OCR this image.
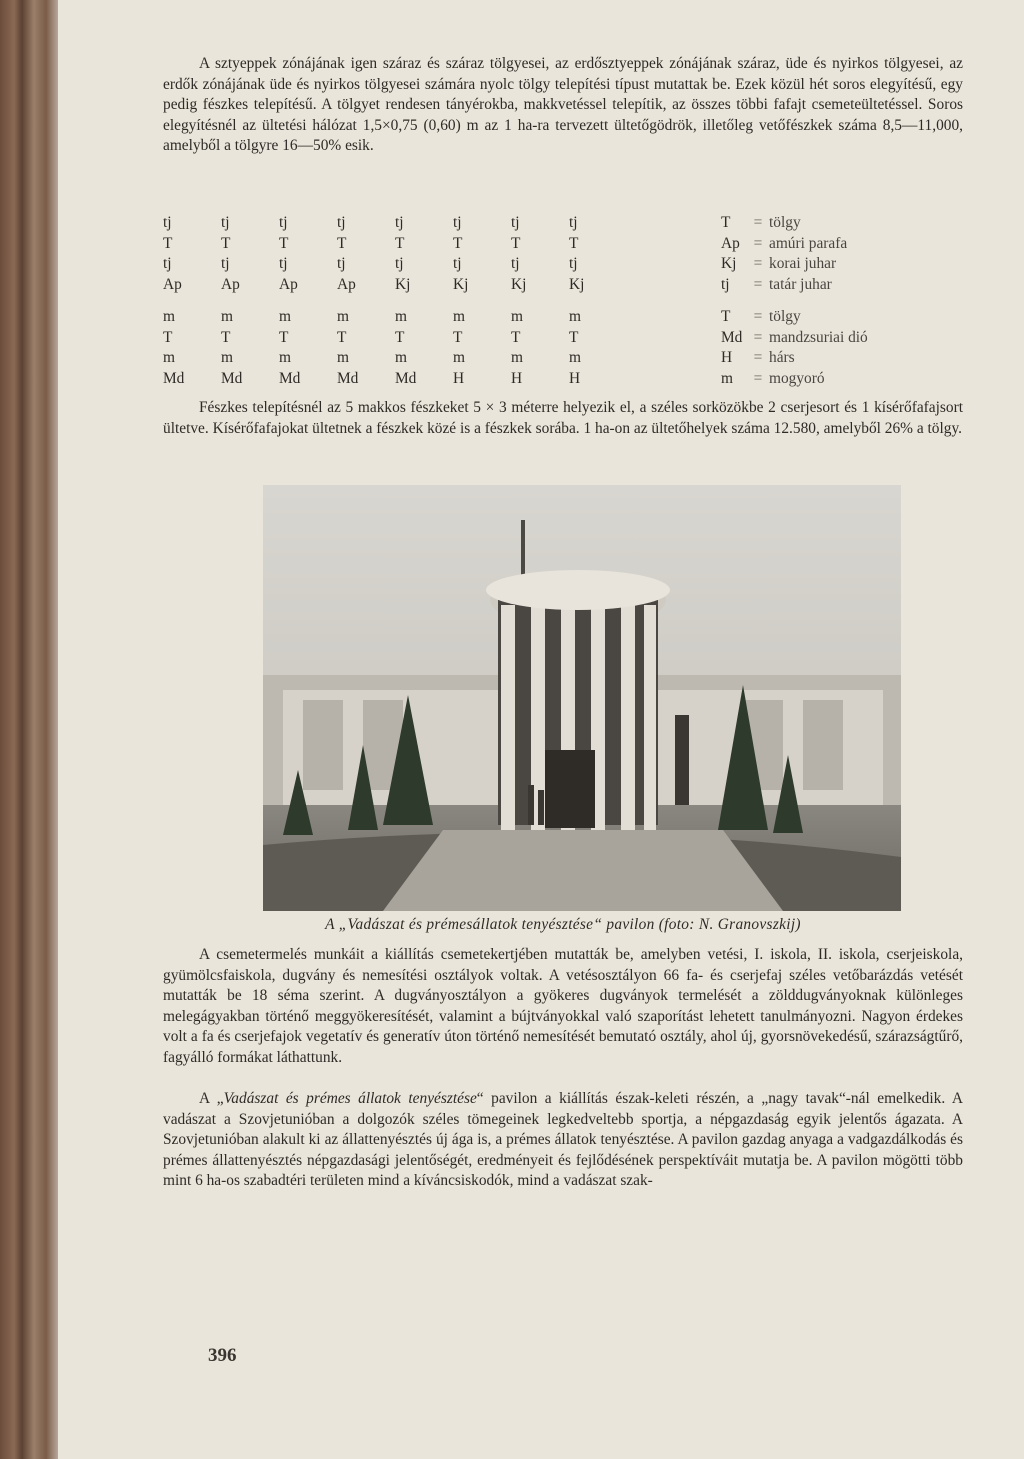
A sztyeppek zónájának igen száraz és száraz tölgyesei, az erdősztyeppek zónájának száraz, üde és nyirkos tölgyesei, az erdők zónájának üde és nyirkos tölgyesei számára nyolc tölgy telepítési típust mutattak be. Ezek közül hét soros elegyítésű, egy pedig fészkes telepítésű. A tölgyet rendesen tányérokba, makkvetéssel telepítik, az összes többi fafajt csemeteültetéssel. Soros elegyítésnél az ültetési hálózat 1,5×0,75 (0,60) m az 1 ha-ra tervezett ültetőgödrök, illetőleg vetőfészkek száma 8,5—11,000, amelyből a tölgyre 16—50% esik.

Fészkes telepítésnél az 5 makkos fészkeket 5 × 3 méterre helyezik el, a széles sorközökbe 2 cserjesort és 1 kísérőfafajsort ültetve. Kísérőfafajokat ültetnek a fészkek közé is a fészkek sorába. 1 ha-on az ültetőhelyek száma 12.580, amelyből 26% a tölgy.

A „Vadászat és prémesállatok tenyésztése“ pavilon (foto: N. Granovszkij)

A csemetermelés munkáit a kiállítás csemetekertjében mutatták be, amelyben vetési, I. iskola, II. iskola, cserjeiskola, gyümölcsfaiskola, dugvány és nemesítési osztályok voltak. A vetésosztályon 66 fa- és cserjefaj széles vetőbarázdás vetését mutatták be 18 séma szerint. A dugványosztályon a gyökeres dugványok termelését a zölddugványoknak különleges melegágyakban történő meggyökeresítését, valamint a bújtványokkal való szaporítást lehetett tanulmányozni. Nagyon érdekes volt a fa és cserjefajok vegetatív és generatív úton történő nemesítését bemutató osztály, ahol új, gyorsnövekedésű, szárazságtűrő, fagyálló formákat láthattunk.

A „Vadászat és prémes állatok tenyésztése“ pavilon a kiállítás észak-keleti részén, a „nagy tavak“-nál emelkedik. A vadászat a Szovjetunióban a dolgozók széles tömegeinek legkedveltebb sportja, a népgazdaság egyik jelentős ágazata. A Szovjetunióban alakult ki az állattenyésztés új ága is, a prémes állatok tenyésztése. A pavilon gazdag anyaga a vadgazdálkodás és prémes állattenyésztés népgazdasági jelentőségét, eredményeit és fejlődésének perspektíváit mutatja be. A pavilon mögötti több mint 6 ha-os szabadtéri területen mind a kíváncsiskodók, mind a vadászat szak-

tj	tj	tj	tj	tj	tj	tj	tj		T	=	tölgy
T	T	T	T	T	T	T	T		Ap	=	amúri parafa
tj	tj	tj	tj	tj	tj	tj	tj		Kj	=	korai juhar
Ap	Ap	Ap	Ap	Kj	Kj	Kj	Kj		tj	=	tatár juhar
m	m	m	m	m	m	m	m		T	=	tölgy
T	T	T	T	T	T	T	T		Md	=	mandzsuriai dió
m	m	m	m	m	m	m	m		H	=	hárs
Md	Md	Md	Md	Md	H	H	H		m	=	mogyoró
396
